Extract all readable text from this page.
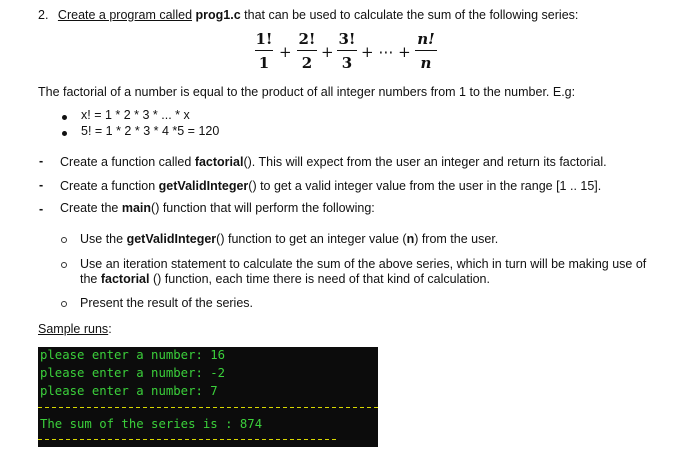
2. Create a program called prog1.c that can be used to calculate the sum of the following series:
1!
1
+
2!
2
+
3!
3
+ ⋯ +
n!
n
The factorial of a number is equal to the product of all integer numbers from 1 to the number. E.g:
x! = 1 * 2 * 3 * ... * x
5! = 1 * 2 * 3 * 4 *5 = 120
- Create a function called factorial(). This will expect from the user an integer and return its factorial.
- Create a function getValidInteger() to get a valid integer value from the user in the range [1 .. 15].
- Create the main() function that will perform the following:
Use the getValidInteger() function to get an integer value (n) from the user.
Use an iteration statement to calculate the sum of the above series, which in turn will be making use of
the factorial () function, each time there is need of that kind of calculation.
Present the result of the series.
Sample runs:
please enter a number: 16
please enter a number: -2
please enter a number: 7
The sum of the series is : 874
